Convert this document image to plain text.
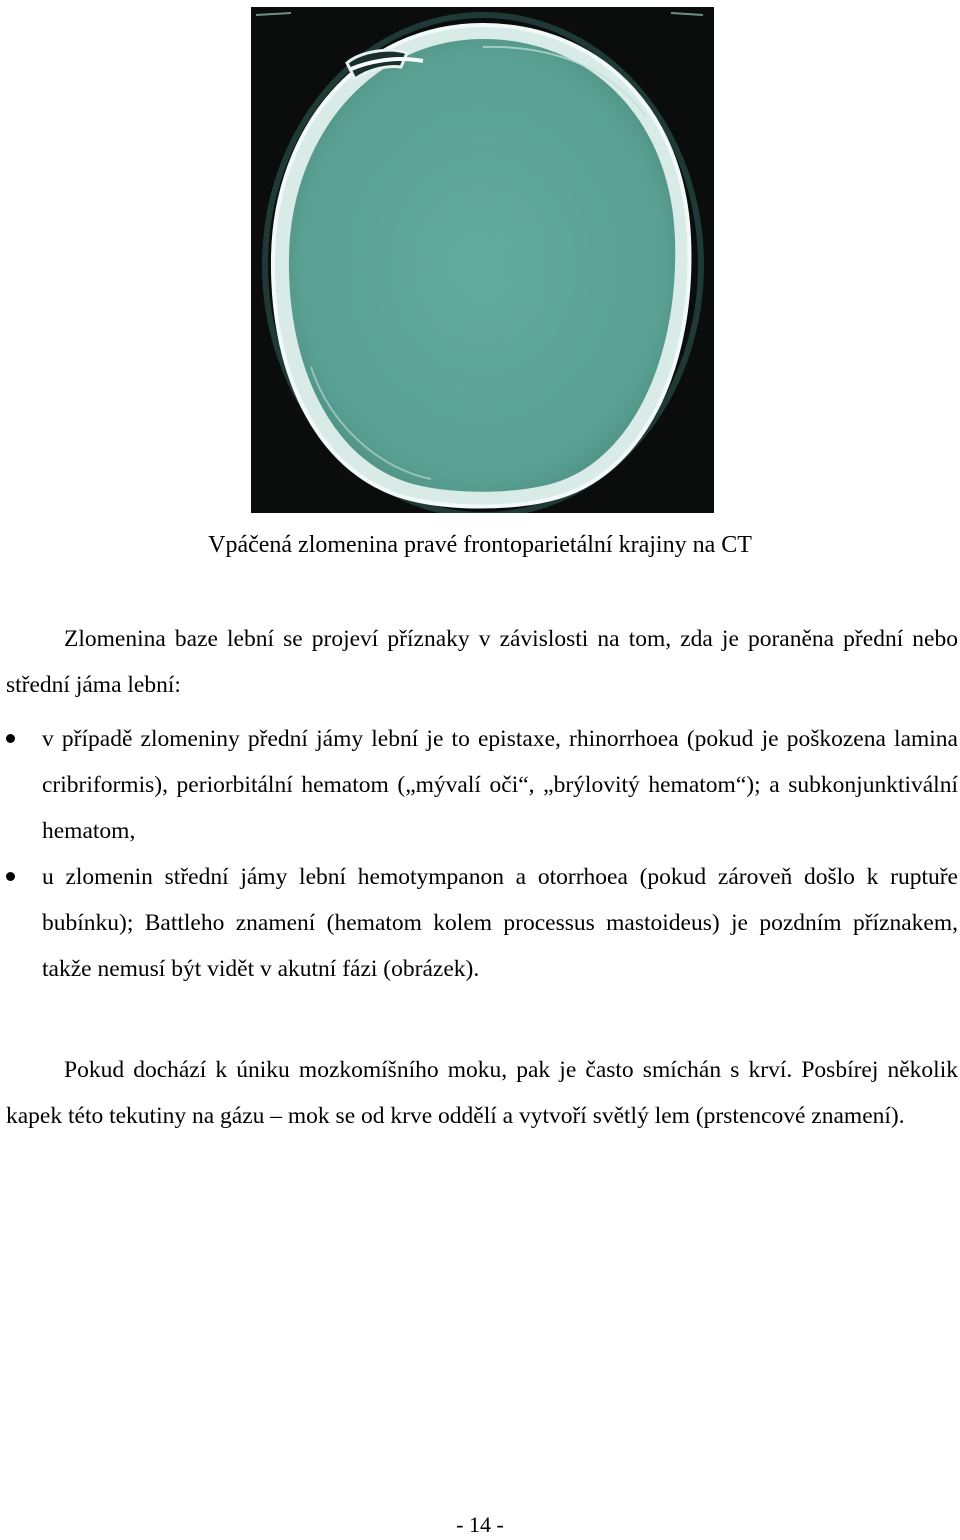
Vpáčená zlomenina pravé frontoparietální krajiny na CT

Zlomenina baze lební se projeví příznaky v závislosti na tom, zda je poraněna přední nebo střední jáma lební:

v případě zlomeniny přední jámy lební je to epistaxe, rhinorrhoea (pokud je poškozena lamina cribriformis), periorbitální hematom („mývalí oči“, „brýlovitý hematom“); a subkonjunktivální hematom,
u zlomenin střední jámy lební hemotympanon a otorrhoea (pokud zároveň došlo k ruptuře bubínku); Battleho znamení (hematom kolem processus mastoideus) je pozdním příznakem, takže nemusí být vidět v akutní fázi (obrázek).

Pokud dochází k úniku mozkomíšního moku, pak je často smíchán s krví. Posbírej několik kapek této tekutiny na gázu – mok se od krve oddělí a vytvoří světlý lem (prstencové znamení).

- 14 -
